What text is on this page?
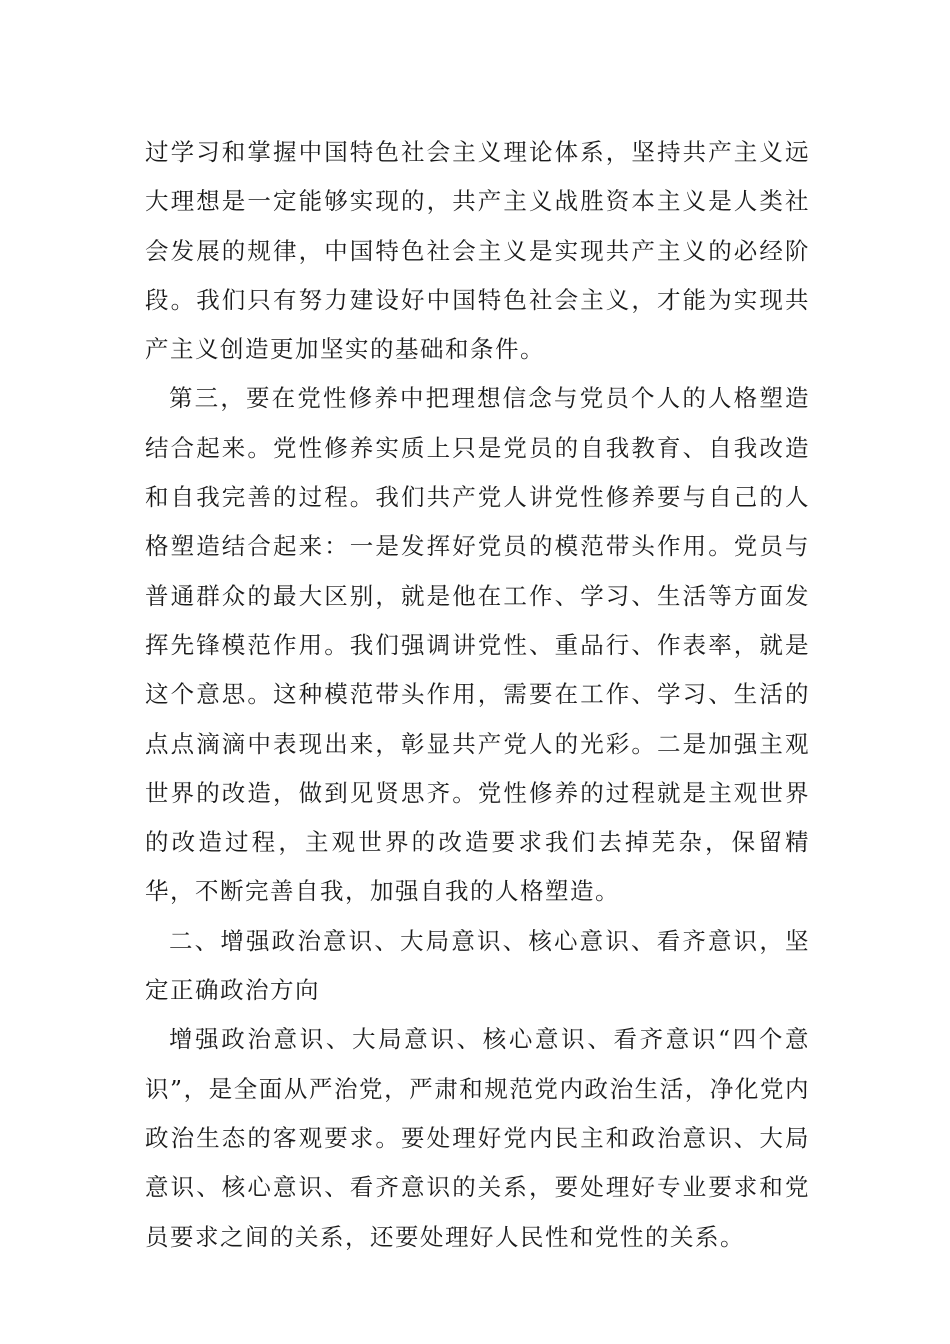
过学习和掌握中国特色社会主义理论体系，坚持共产主义远大理想是一定能够实现的，共产主义战胜资本主义是人类社会发展的规律，中国特色社会主义是实现共产主义的必经阶段。我们只有努力建设好中国特色社会主义，才能为实现共产主义创造更加坚实的基础和条件。

第三，要在党性修养中把理想信念与党员个人的人格塑造结合起来。党性修养实质上只是党员的自我教育、自我改造和自我完善的过程。我们共产党人讲党性修养要与自己的人格塑造结合起来：一是发挥好党员的模范带头作用。党员与普通群众的最大区别，就是他在工作、学习、生活等方面发挥先锋模范作用。我们强调讲党性、重品行、作表率，就是这个意思。这种模范带头作用，需要在工作、学习、生活的点点滴滴中表现出来，彰显共产党人的光彩。二是加强主观世界的改造，做到见贤思齐。党性修养的过程就是主观世界的改造过程，主观世界的改造要求我们去掉芜杂，保留精华，不断完善自我，加强自我的人格塑造。

二、增强政治意识、大局意识、核心意识、看齐意识，坚定正确政治方向

增强政治意识、大局意识、核心意识、看齐意识“四个意识”，是全面从严治党，严肃和规范党内政治生活，净化党内政治生态的客观要求。要处理好党内民主和政治意识、大局意识、核心意识、看齐意识的关系，要处理好专业要求和党员要求之间的关系，还要处理好人民性和党性的关系。
